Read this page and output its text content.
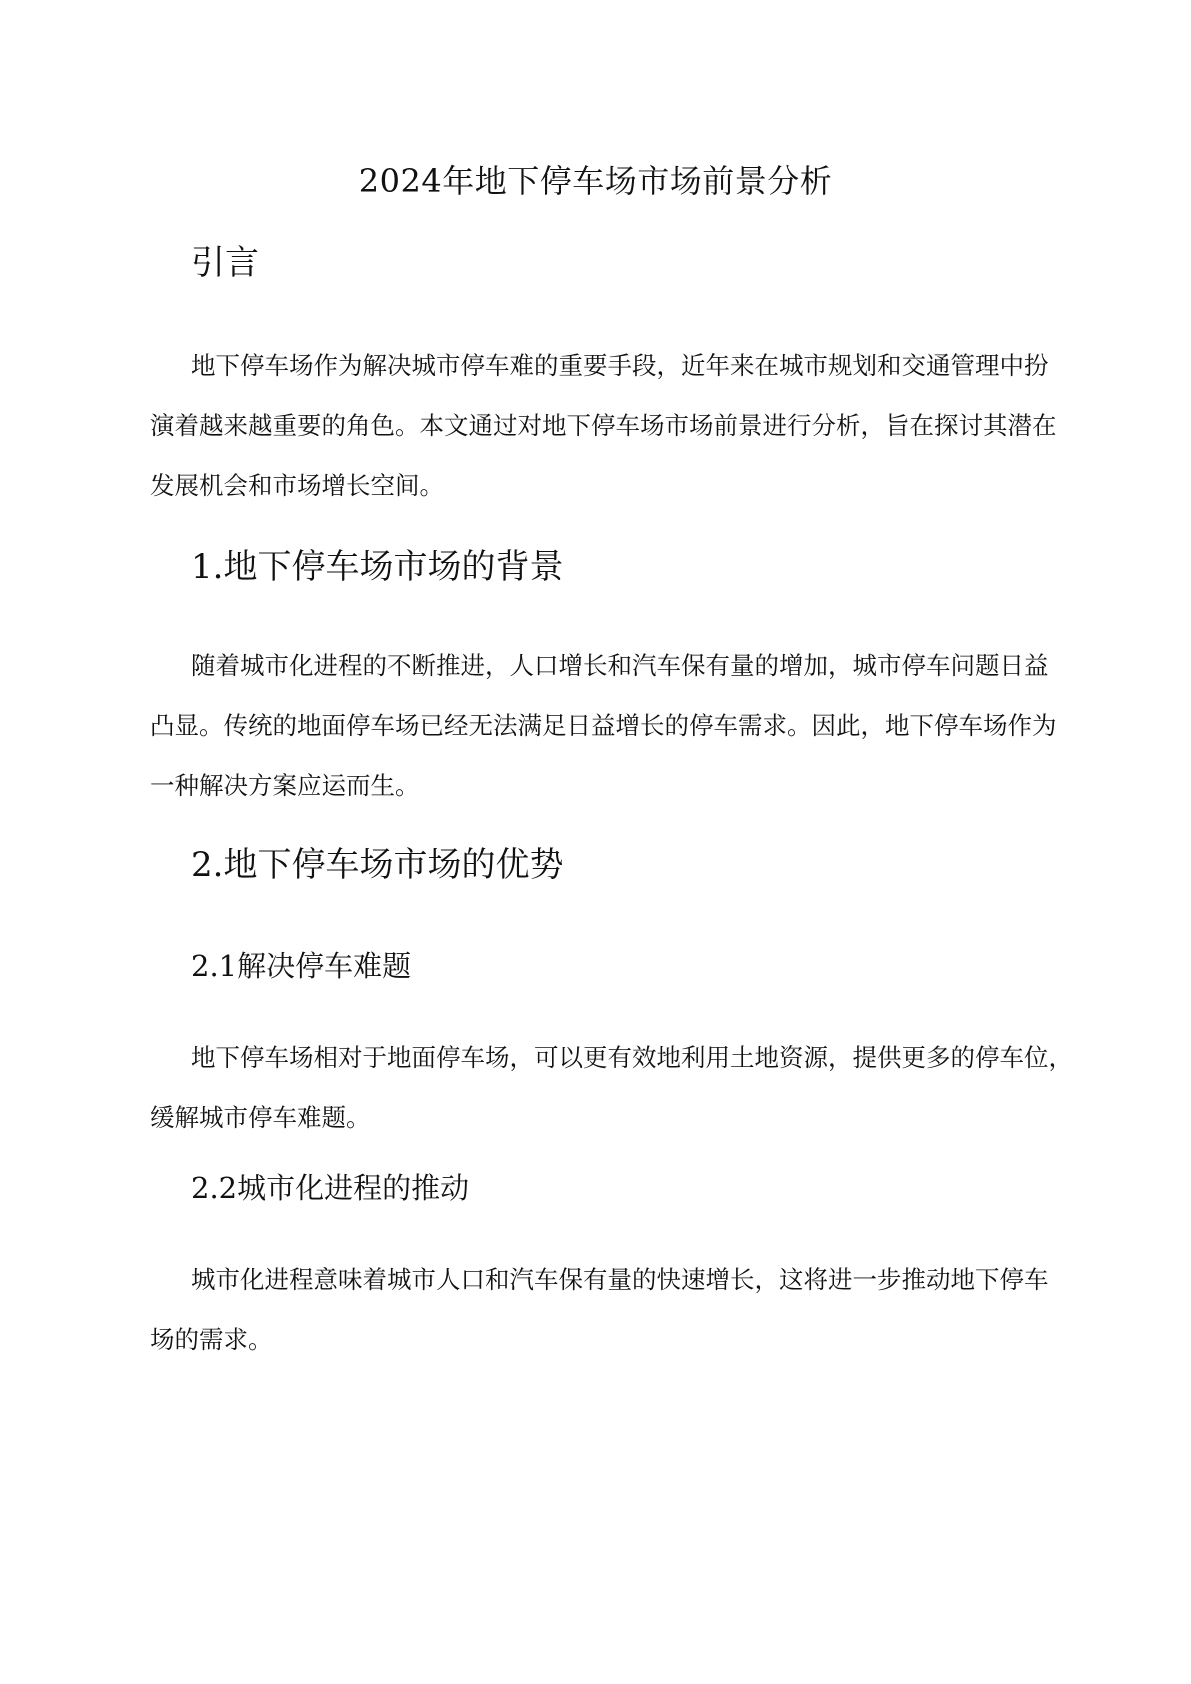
2024年地下停车场市场前景分析
引言
地下停车场作为解决城市停车难的重要手段，近年来在城市规划和交通管理中扮
演着越来越重要的角色。本文通过对地下停车场市场前景进行分析，旨在探讨其潜在
发展机会和市场增长空间。
1.地下停车场市场的背景
随着城市化进程的不断推进，人口增长和汽车保有量的增加，城市停车问题日益
凸显。传统的地面停车场已经无法满足日益增长的停车需求。因此，地下停车场作为
一种解决方案应运而生。
2.地下停车场市场的优势
2.1解决停车难题
地下停车场相对于地面停车场，可以更有效地利用土地资源，提供更多的停车位，
缓解城市停车难题。
2.2城市化进程的推动
城市化进程意味着城市人口和汽车保有量的快速增长，这将进一步推动地下停车
场的需求。
